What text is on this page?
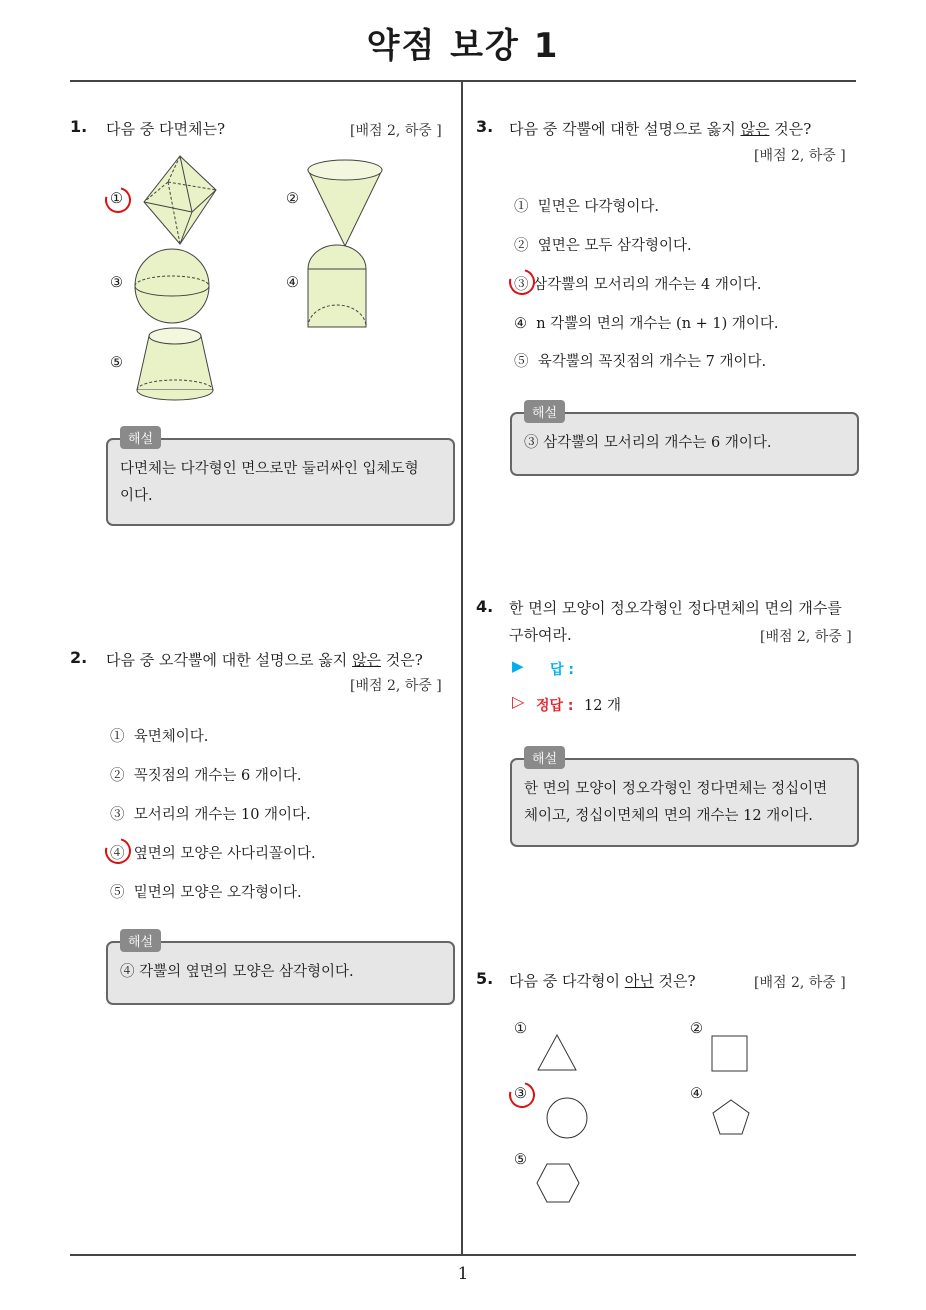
약점 보강 1
1
1. 다음 중 다면체는?	[배점 2, 하중 ]
①	②
③	④
⑤
다면체는 다각형인 면으로만 둘러싸인 입체도형
이다.
해설
2. 다음 중 오각뿔에 대한 설명으로 옳지 않은 것은?
[배점 2, 하중 ]
① 육면체이다.
② 꼭짓점의 개수는 6 개이다.
③ 모서리의 개수는 10 개이다.
④ 옆면의 모양은 사다리꼴이다.
⑤ 밑면의 모양은 오각형이다.
④ 각뿔의 옆면의 모양은 삼각형이다.
해설
3. 다음 중 각뿔에 대한 설명으로 옳지 않은 것은?
[배점 2, 하중 ]
① 밑면은 다각형이다.
② 옆면은 모두 삼각형이다.
③ 삼각뿔의 모서리의 개수는 4 개이다.
④ n 각뿔의 면의 개수는 (n + 1) 개이다.
⑤ 육각뿔의 꼭짓점의 개수는 7 개이다.
③ 삼각뿔의 모서리의 개수는 6 개이다.
해설
4. 한 면의 모양이 정오각형인 정다면체의 면의 개수를
구하여라.	[배점 2, 하중 ]
▶ 답 :
▷ 정답 : 12 개
한 면의 모양이 정오각형인 정다면체는 정십이면
체이고, 정십이면체의 면의 개수는 12 개이다.
해설
5. 다음 중 다각형이 아닌 것은?	[배점 2, 하중 ]
①	②
③	④
⑤
